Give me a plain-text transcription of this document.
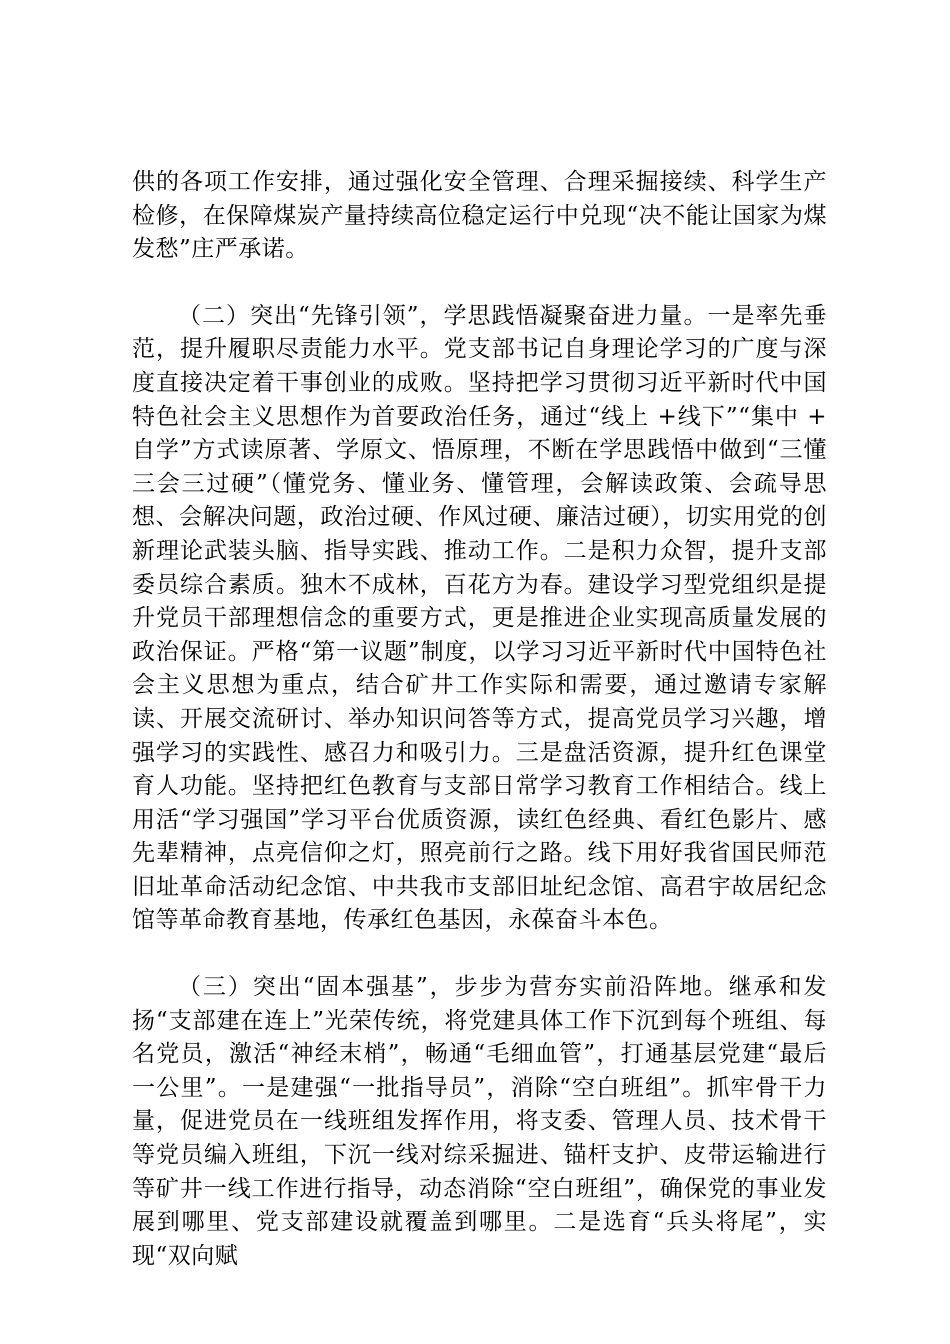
供的各项工作安排，通过强化安全管理、合理采掘接续、科学生产检修，在保障煤炭产量持续高位稳定运行中兑现“决不能让国家为煤发愁”庄严承诺。

（二）突出“先锋引领”，学思践悟凝聚奋进力量。一是率先垂范，提升履职尽责能力水平。党支部书记自身理论学习的广度与深度直接决定着干事创业的成败。坚持把学习贯彻习近平新时代中国特色社会主义思想作为首要政治任务，通过“线上 +线下”“集中 + 自学”方式读原著、学原文、悟原理，不断在学思践悟中做到“三懂三会三过硬”（懂党务、懂业务、懂管理，会解读政策、会疏导思想、会解决问题，政治过硬、作风过硬、廉洁过硬），切实用党的创新理论武装头脑、指导实践、推动工作。二是积力众智，提升支部委员综合素质。独木不成林，百花方为春。建设学习型党组织是提升党员干部理想信念的重要方式，更是推进企业实现高质量发展的政治保证。严格“第一议题”制度，以学习习近平新时代中国特色社会主义思想为重点，结合矿井工作实际和需要，通过邀请专家解读、开展交流研讨、举办知识问答等方式，提高党员学习兴趣，增强学习的实践性、感召力和吸引力。三是盘活资源，提升红色课堂育人功能。坚持把红色教育与支部日常学习教育工作相结合。线上用活“学习强国”学习平台优质资源，读红色经典、看红色影片、感先辈精神，点亮信仰之灯，照亮前行之路。线下用好我省国民师范旧址革命活动纪念馆、中共我市支部旧址纪念馆、高君宇故居纪念馆等革命教育基地，传承红色基因，永葆奋斗本色。

（三）突出“固本强基”，步步为营夯实前沿阵地。继承和发扬“支部建在连上”光荣传统，将党建具体工作下沉到每个班组、每名党员，激活“神经末梢”，畅通“毛细血管”，打通基层党建“最后一公里”。一是建强“一批指导员”，消除“空白班组”。抓牢骨干力量，促进党员在一线班组发挥作用，将支委、管理人员、技术骨干等党员编入班组，下沉一线对综采掘进、锚杆支护、皮带运输进行等矿井一线工作进行指导，动态消除“空白班组”，确保党的事业发展到哪里、党支部建设就覆盖到哪里。二是选育“兵头将尾”，实现“双向赋
